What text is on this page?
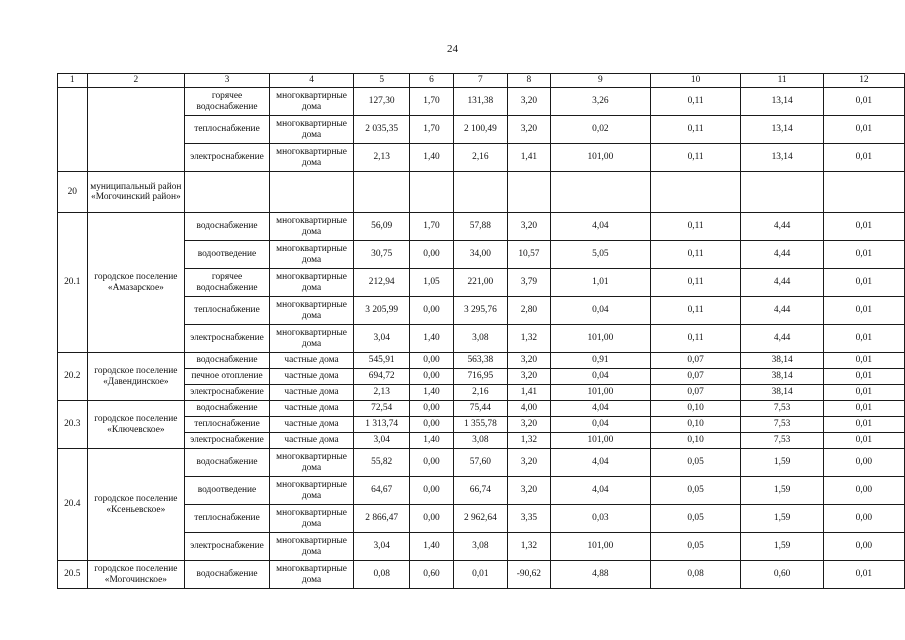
24
1	2	3	4	5	6	7	8	9	10	11	12
		горячее водоснабжение	многоквартирные дома	127,30	1,70	131,38	3,20	3,26	0,11	13,14	0,01
		теплоснабжение	многоквартирные дома	2 035,35	1,70	2 100,49	3,20	0,02	0,11	13,14	0,01
		электроснабжение	многоквартирные дома	2,13	1,40	2,16	1,41	101,00	0,11	13,14	0,01
20	муниципальный район «Могочинский район»										
20.1	городское поселение «Амазарское»	водоснабжение	многоквартирные дома	56,09	1,70	57,88	3,20	4,04	0,11	4,44	0,01
		водоотведение	многоквартирные дома	30,75	0,00	34,00	10,57	5,05	0,11	4,44	0,01
		горячее водоснабжение	многоквартирные дома	212,94	1,05	221,00	3,79	1,01	0,11	4,44	0,01
		теплоснабжение	многоквартирные дома	3 205,99	0,00	3 295,76	2,80	0,04	0,11	4,44	0,01
		электроснабжение	многоквартирные дома	3,04	1,40	3,08	1,32	101,00	0,11	4,44	0,01
20.2	городское поселение «Давендинское»	водоснабжение	частные дома	545,91	0,00	563,38	3,20	0,91	0,07	38,14	0,01
		печное отопление	частные дома	694,72	0,00	716,95	3,20	0,04	0,07	38,14	0,01
		электроснабжение	частные дома	2,13	1,40	2,16	1,41	101,00	0,07	38,14	0,01
20.3	городское поселение «Ключевское»	водоснабжение	частные дома	72,54	0,00	75,44	4,00	4,04	0,10	7,53	0,01
		теплоснабжение	частные дома	1 313,74	0,00	1 355,78	3,20	0,04	0,10	7,53	0,01
		электроснабжение	частные дома	3,04	1,40	3,08	1,32	101,00	0,10	7,53	0,01
20.4	городское поселение «Ксеньевское»	водоснабжение	многоквартирные дома	55,82	0,00	57,60	3,20	4,04	0,05	1,59	0,00
		водоотведение	многоквартирные дома	64,67	0,00	66,74	3,20	4,04	0,05	1,59	0,00
		теплоснабжение	многоквартирные дома	2 866,47	0,00	2 962,64	3,35	0,03	0,05	1,59	0,00
		электроснабжение	многоквартирные дома	3,04	1,40	3,08	1,32	101,00	0,05	1,59	0,00
20.5	городское поселение «Могочинское»	водоснабжение	многоквартирные дома	0,08	0,60	0,01	-90,62	4,88	0,08	0,60	0,01
